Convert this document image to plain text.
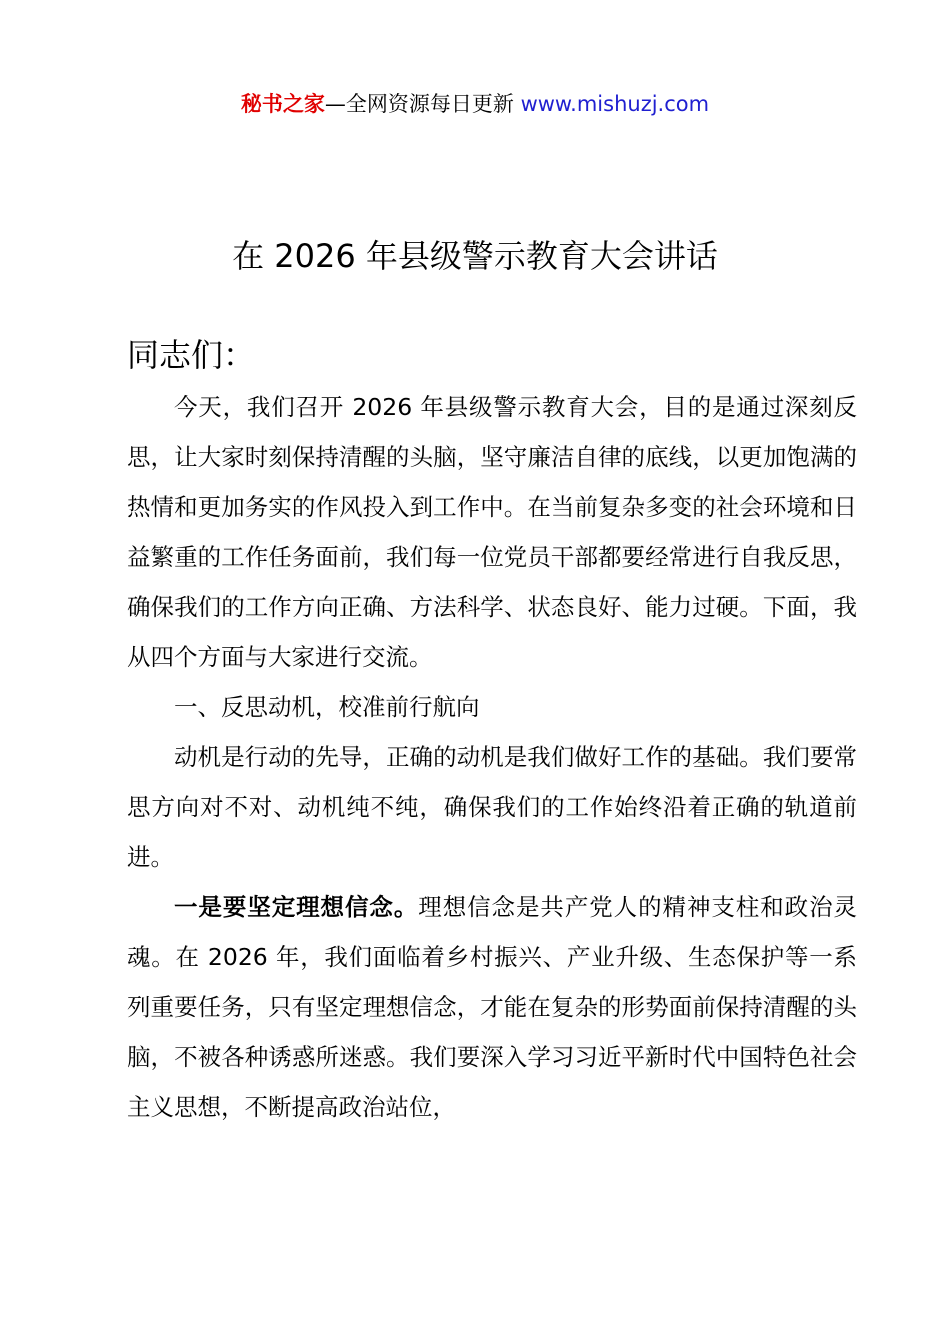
秘书之家—全网资源每日更新 www.mishuzj.com
在 2026 年县级警示教育大会讲话
同志们：

今天，我们召开 2026 年县级警示教育大会，目的是通过深刻反思，让大家时刻保持清醒的头脑，坚守廉洁自律的底线，以更加饱满的热情和更加务实的作风投入到工作中。在当前复杂多变的社会环境和日益繁重的工作任务面前，我们每一位党员干部都要经常进行自我反思，确保我们的工作方向正确、方法科学、状态良好、能力过硬。下面，我从四个方面与大家进行交流。

一、反思动机，校准前行航向

动机是行动的先导，正确的动机是我们做好工作的基础。我们要常思方向对不对、动机纯不纯，确保我们的工作始终沿着正确的轨道前进。

一是要坚定理想信念。理想信念是共产党人的精神支柱和政治灵魂。在 2026 年，我们面临着乡村振兴、产业升级、生态保护等一系列重要任务，只有坚定理想信念，才能在复杂的形势面前保持清醒的头脑，不被各种诱惑所迷惑。我们要深入学习习近平新时代中国特色社会主义思想，不断提高政治站位，
